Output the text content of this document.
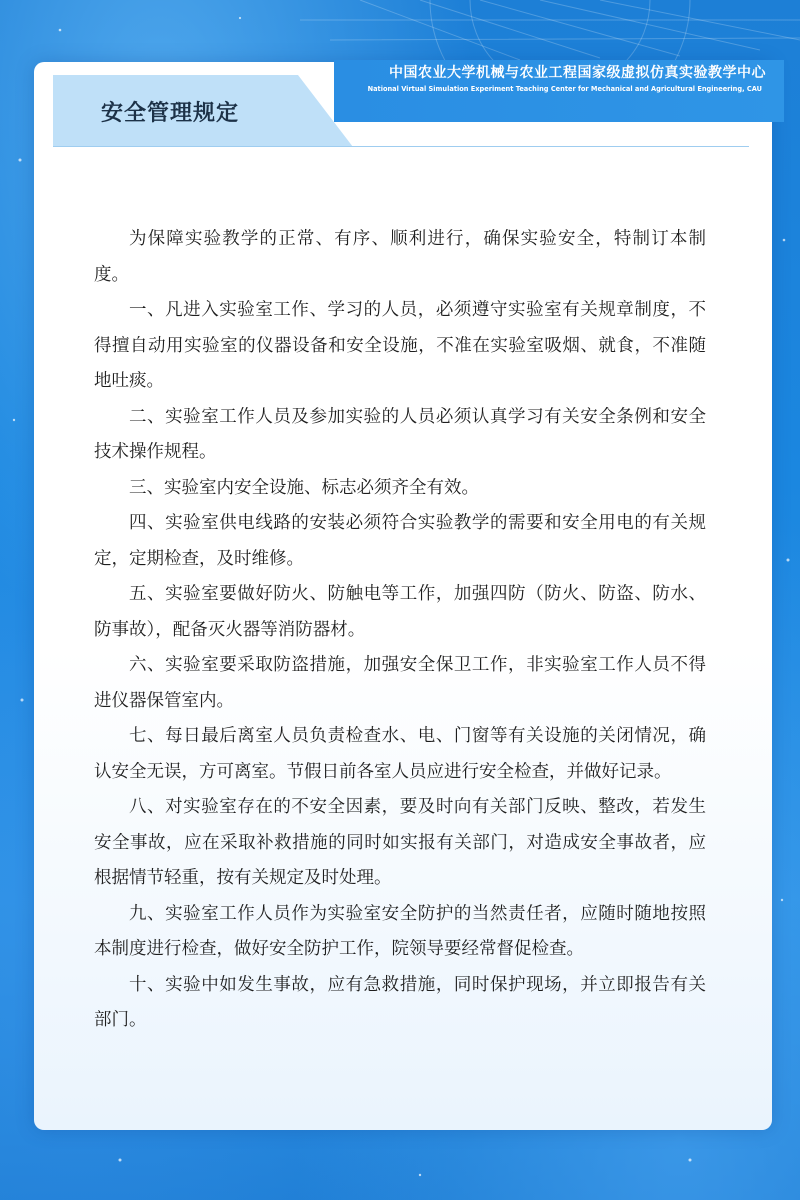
中国农业大学机械与农业工程国家级虚拟仿真实验教学中心
National Virtual Simulation Experiment Teaching Center for Mechanical and Agricultural Engineering, CAU
安全管理规定

为保障实验教学的正常、有序、顺利进行，确保实验安全，特制订本制度。

一、凡进入实验室工作、学习的人员，必须遵守实验室有关规章制度，不得擅自动用实验室的仪器设备和安全设施，不准在实验室吸烟、就食，不准随地吐痰。

二、实验室工作人员及参加实验的人员必须认真学习有关安全条例和安全技术操作规程。

三、实验室内安全设施、标志必须齐全有效。

四、实验室供电线路的安装必须符合实验教学的需要和安全用电的有关规定，定期检查，及时维修。

五、实验室要做好防火、防触电等工作，加强四防（防火、防盗、防水、防事故），配备灭火器等消防器材。

六、实验室要采取防盗措施，加强安全保卫工作，非实验室工作人员不得进仪器保管室内。

七、每日最后离室人员负责检查水、电、门窗等有关设施的关闭情况，确认安全无误，方可离室。节假日前各室人员应进行安全检查，并做好记录。

八、对实验室存在的不安全因素，要及时向有关部门反映、整改，若发生安全事故，应在采取补救措施的同时如实报有关部门，对造成安全事故者，应根据情节轻重，按有关规定及时处理。

九、实验室工作人员作为实验室安全防护的当然责任者，应随时随地按照本制度进行检查，做好安全防护工作，院领导要经常督促检查。

十、实验中如发生事故，应有急救措施，同时保护现场，并立即报告有关部门。
